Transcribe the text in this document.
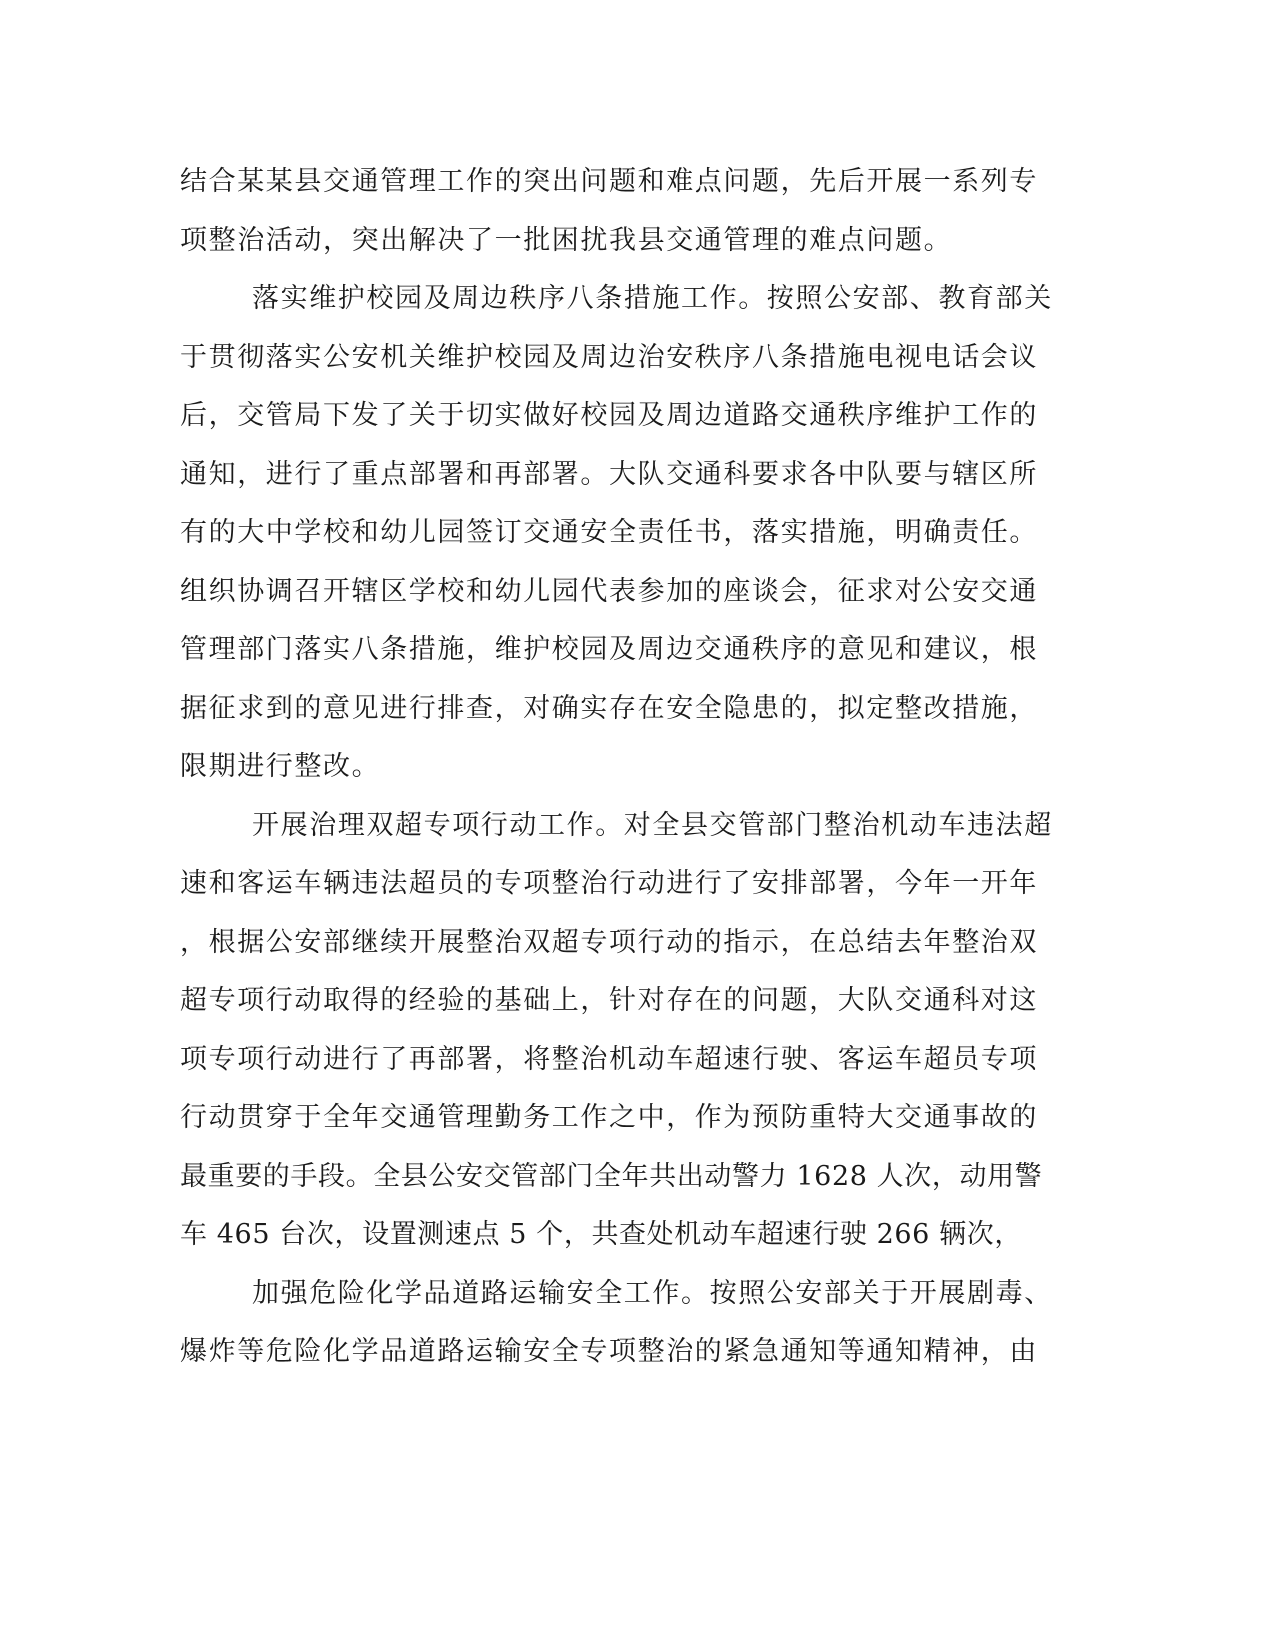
结合某某县交通管理工作的突出问题和难点问题，先后开展一系列专
项整治活动，突出解决了一批困扰我县交通管理的难点问题。
落实维护校园及周边秩序八条措施工作。按照公安部、教育部关
于贯彻落实公安机关维护校园及周边治安秩序八条措施电视电话会议
后，交管局下发了关于切实做好校园及周边道路交通秩序维护工作的
通知，进行了重点部署和再部署。大队交通科要求各中队要与辖区所
有的大中学校和幼儿园签订交通安全责任书，落实措施，明确责任。
组织协调召开辖区学校和幼儿园代表参加的座谈会，征求对公安交通
管理部门落实八条措施，维护校园及周边交通秩序的意见和建议，根
据征求到的意见进行排查，对确实存在安全隐患的，拟定整改措施，
限期进行整改。
开展治理双超专项行动工作。对全县交管部门整治机动车违法超
速和客运车辆违法超员的专项整治行动进行了安排部署，今年一开年
，根据公安部继续开展整治双超专项行动的指示，在总结去年整治双
超专项行动取得的经验的基础上，针对存在的问题，大队交通科对这
项专项行动进行了再部署，将整治机动车超速行驶、客运车超员专项
行动贯穿于全年交通管理勤务工作之中，作为预防重特大交通事故的
最重要的手段。全县公安交管部门全年共出动警力 1628 人次，动用警
车 465 台次，设置测速点 5 个，共查处机动车超速行驶 266 辆次，
加强危险化学品道路运输安全工作。按照公安部关于开展剧毒、
爆炸等危险化学品道路运输安全专项整治的紧急通知等通知精神，由
